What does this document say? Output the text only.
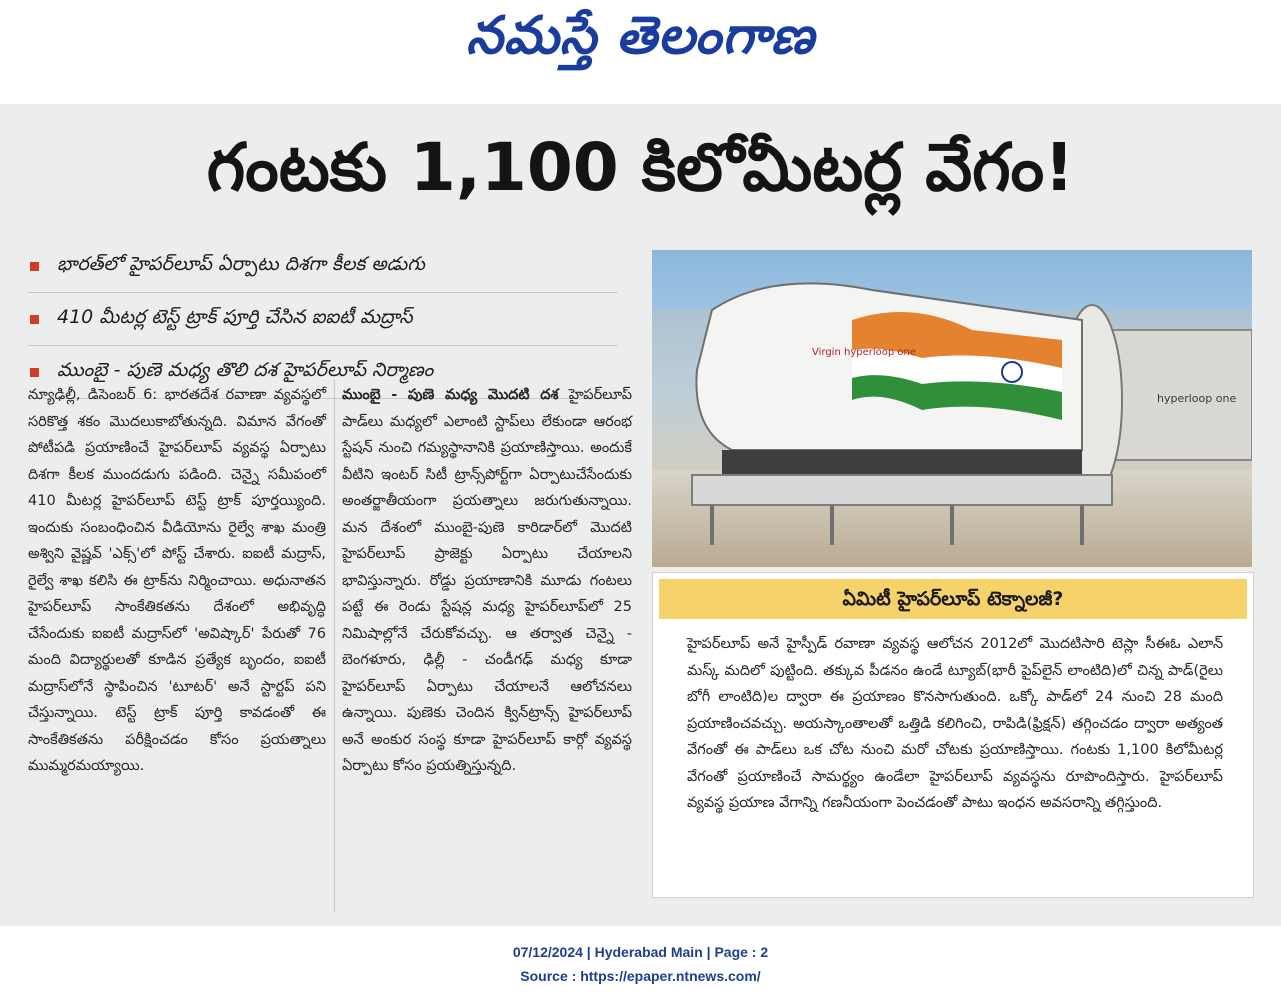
నమస్తే తెలంగాణ
గంటకు 1,100 కిలోమీటర్ల వేగం!
భారత్‌లో హైపర్‌లూప్ ఏర్పాటు దిశగా కీలక అడుగు
410 మీటర్ల టెస్ట్ ట్రాక్ పూర్తి చేసిన ఐఐటీ మద్రాస్
ముంబై - పుణె మధ్య తొలి దశ హైపర్‌లూప్ నిర్మాణం
న్యూఢిల్లీ, డిసెంబర్ 6: భారతదేశ రవాణా వ్యవస్థలో సరికొత్త శకం మొదలుకాబోతున్నది. విమాన వేగంతో పోటీపడి ప్రయాణించే హైపర్‌లూప్ వ్యవస్థ ఏర్పాటు దిశగా కీలక ముందడుగు పడింది. చెన్నై సమీపంలో 410 మీటర్ల హైపర్‌లూప్ టెస్ట్ ట్రాక్ పూర్తయ్యింది. ఇందుకు సంబంధించిన వీడియోను రైల్వే శాఖ మంత్రి అశ్విని వైష్ణవ్ 'ఎక్స్'లో పోస్ట్ చేశారు. ఐఐటీ మద్రాస్, రైల్వే శాఖ కలిసి ఈ ట్రాక్‌ను నిర్మించాయి. అధునాతన హైపర్‌లూప్ సాంకేతికతను దేశంలో అభివృద్ధి చేసేందుకు ఐఐటీ మద్రాస్‌లో 'అవిష్కార్' పేరుతో 76 మంది విద్యార్థులతో కూడిన ప్రత్యేక బృందం, ఐఐటీ మద్రాస్‌లోనే స్థాపించిన 'టూటర్' అనే స్టార్టప్ పని చేస్తున్నాయి. టెస్ట్ ట్రాక్ పూర్తి కావడంతో ఈ సాంకేతికతను పరీక్షించడం కోసం ప్రయత్నాలు ముమ్మరమయ్యాయి.
ముంబై - పుణె మధ్య మొదటి దశ హైపర్‌లూప్ పాడ్‌లు మధ్యలో ఎలాంటి స్టాప్‌లు లేకుండా ఆరంభ స్టేషన్ నుంచి గమ్యస్థానానికి ప్రయాణిస్తాయి. అందుకే వీటిని ఇంటర్ సిటీ ట్రాన్స్‌పోర్ట్‌గా ఏర్పాటుచేసేందుకు అంతర్జాతీయంగా ప్రయత్నాలు జరుగుతున్నాయి. మన దేశంలో ముంబై-పుణె కారిడార్‌లో మొదటి హైపర్‌లూప్ ప్రాజెక్టు ఏర్పాటు చేయాలని భావిస్తున్నారు. రోడ్డు ప్రయాణానికి మూడు గంటలు పట్టే ఈ రెండు స్టేషన్ల మధ్య హైపర్‌లూప్‌లో 25 నిమిషాల్లోనే చేరుకోవచ్చు. ఆ తర్వాత చెన్నై - బెంగళూరు, ఢిల్లీ - చండీగఢ్ మధ్య కూడా హైపర్‌లూప్ ఏర్పాటు చేయాలనే ఆలోచనలు ఉన్నాయి. పుణెకు చెందిన క్విన్‌ట్రాన్స్ హైపర్‌లూప్ అనే అంకుర సంస్థ కూడా హైపర్‌లూప్ కార్గో వ్యవస్థ ఏర్పాటు కోసం ప్రయత్నిస్తున్నది.
hyperloop one
Virgin hyperloop one
ఏమిటీ హైపర్‌లూప్ టెక్నాలజీ?
హైపర్‌లూప్ అనే హైస్పీడ్ రవాణా వ్యవస్థ ఆలోచన 2012లో మొదటిసారి టెస్లా సీఈఓ ఎలాన్ మస్క్ మదిలో పుట్టింది. తక్కువ పీడనం ఉండే ట్యూబ్(భారీ పైప్‌లైన్ లాంటిది)లో చిన్న పాడ్(రైలు బోగీ లాంటిది)ల ద్వారా ఈ ప్రయాణం కొనసాగుతుంది. ఒక్కో పాడ్‌లో 24 నుంచి 28 మంది ప్రయాణించవచ్చు. అయస్కాంతాలతో ఒత్తిడి కలిగించి, రాపిడి(ఫ్రిక్షన్) తగ్గించడం ద్వారా అత్యంత వేగంతో ఈ పాడ్‌లు ఒక చోట నుంచి మరో చోటకు ప్రయాణిస్తాయి. గంటకు 1,100 కిలోమీటర్ల వేగంతో ప్రయాణించే సామర్థ్యం ఉండేలా హైపర్‌లూప్ వ్యవస్థను రూపొందిస్తారు. హైపర్‌లూప్ వ్యవస్థ ప్రయాణ వేగాన్ని గణనీయంగా పెంచడంతో పాటు ఇంధన అవసరాన్ని తగ్గిస్తుంది.
07/12/2024 | Hyderabad Main | Page : 2
Source : https://epaper.ntnews.com/
